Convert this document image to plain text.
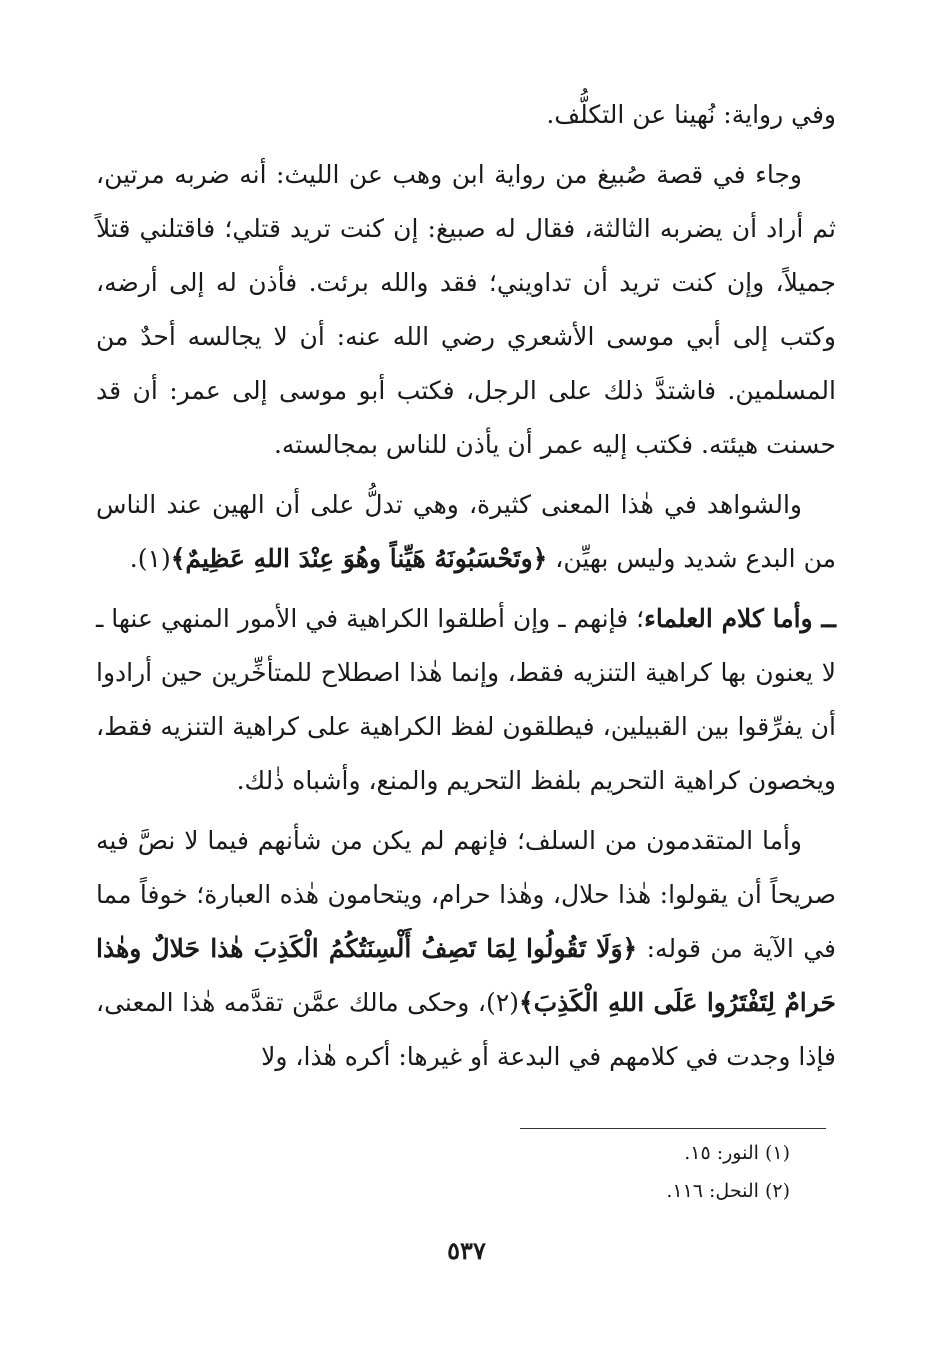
وفي رواية: نُهينا عن التكلُّف.

وجاء في قصة صُبيغ من رواية ابن وهب عن الليث: أنه ضربه مرتين، ثم أراد أن يضربه الثالثة، فقال له صبيغ: إن كنت تريد قتلي؛ فاقتلني قتلاً جميلاً، وإن كنت تريد أن تداويني؛ فقد والله برئت. فأذن له إلى أرضه، وكتب إلى أبي موسى الأشعري رضي الله عنه: أن لا يجالسه أحدٌ من المسلمين. فاشتدَّ ذلك على الرجل، فكتب أبو موسى إلى عمر: أن قد حسنت هيئته. فكتب إليه عمر أن يأذن للناس بمجالسته.

والشواهد في هٰذا المعنى كثيرة، وهي تدلُّ على أن الهين عند الناس من البدع شديد وليس بهيِّن، ﴿وتَحْسَبُونَهُ هَيِّناً وهُوَ عِنْدَ اللهِ عَظِيمٌ﴾(١).

ــ وأما كلام العلماء؛ فإنهم ـ وإن أطلقوا الكراهية في الأمور المنهي عنها ـ لا يعنون بها كراهية التنزيه فقط، وإنما هٰذا اصطلاح للمتأخِّرين حين أرادوا أن يفرِّقوا بين القبيلين، فيطلقون لفظ الكراهية على كراهية التنزيه فقط، ويخصون كراهية التحريم بلفظ التحريم والمنع، وأشباه ذٰلك.

وأما المتقدمون من السلف؛ فإنهم لم يكن من شأنهم فيما لا نصَّ فيه صريحاً أن يقولوا: هٰذا حلال، وهٰذا حرام، ويتحامون هٰذه العبارة؛ خوفاً مما في الآية من قوله: ﴿وَلَا تَقُولُوا لِمَا تَصِفُ أَلْسِنَتُكُمُ الْكَذِبَ هٰذا حَلالٌ وهٰذا حَرامٌ لِتَفْتَرُوا عَلَى اللهِ الْكَذِبَ﴾(٢)، وحكى مالك عمَّن تقدَّمه هٰذا المعنى، فإذا وجدت في كلامهم في البدعة أو غيرها: أكره هٰذا، ولا

(١) النور: ١٥.
(٢) النحل: ١١٦.
٥٣٧
